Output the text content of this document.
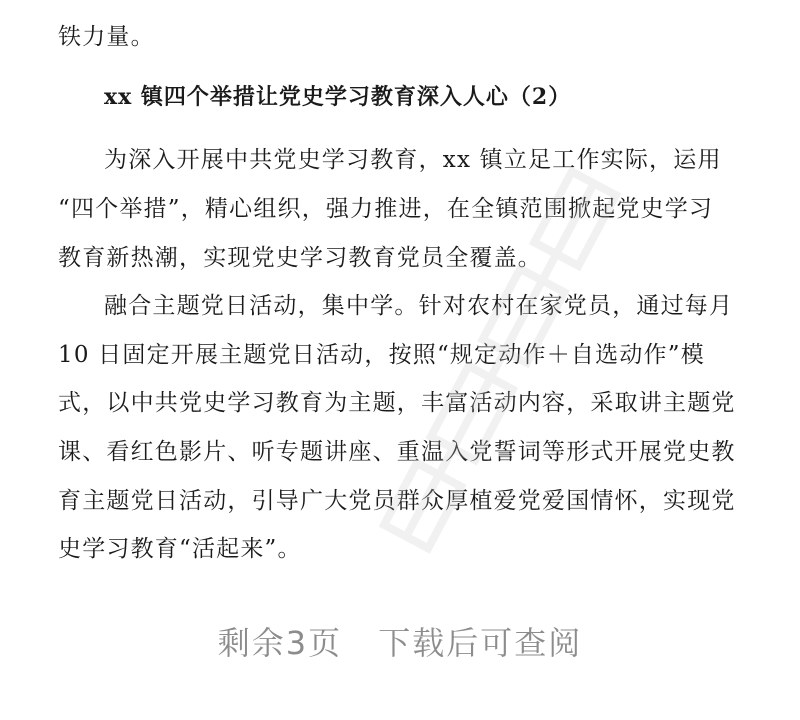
铁力量。
xx 镇四个举措让党史学习教育深入人心（2）
为深入开展中共党史学习教育，xx 镇立足工作实际，运用
“四个举措”，精心组织，强力推进，在全镇范围掀起党史学习
教育新热潮，实现党史学习教育党员全覆盖。
融合主题党日活动，集中学。针对农村在家党员，通过每月
10 日固定开展主题党日活动，按照“规定动作＋自选动作”模
式，以中共党史学习教育为主题，丰富活动内容，采取讲主题党
课、看红色影片、听专题讲座、重温入党誓词等形式开展党史教
育主题党日活动，引导广大党员群众厚植爱党爱国情怀，实现党
史学习教育“活起来”。
剩余3页 下载后可查阅
